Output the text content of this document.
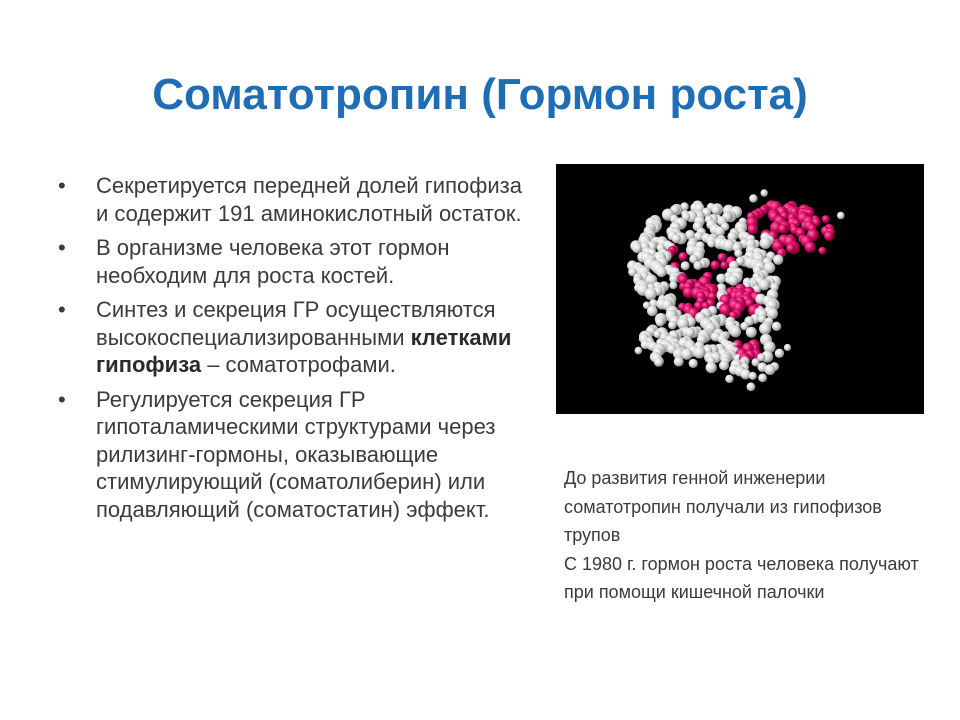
Соматотропин (Гормон роста)
• Секретируется передней долей гипофиза и содержит 191 аминокислотный остаток.
• В организме человека этот гормон необходим для роста костей.
• Синтез и секреция ГР осуществляются высокоспециализированными клетками гипофиза – соматотрофами.
• Регулируется секреция ГР гипоталамическими структурами через рилизинг-гормоны, оказывающие стимулирующий (соматолиберин) или подавляющий (соматостатин) эффект.

До развития генной инженерии соматотропин получали из гипофизов трупов

С 1980 г. гормон роста человека получают при помощи кишечной палочки
